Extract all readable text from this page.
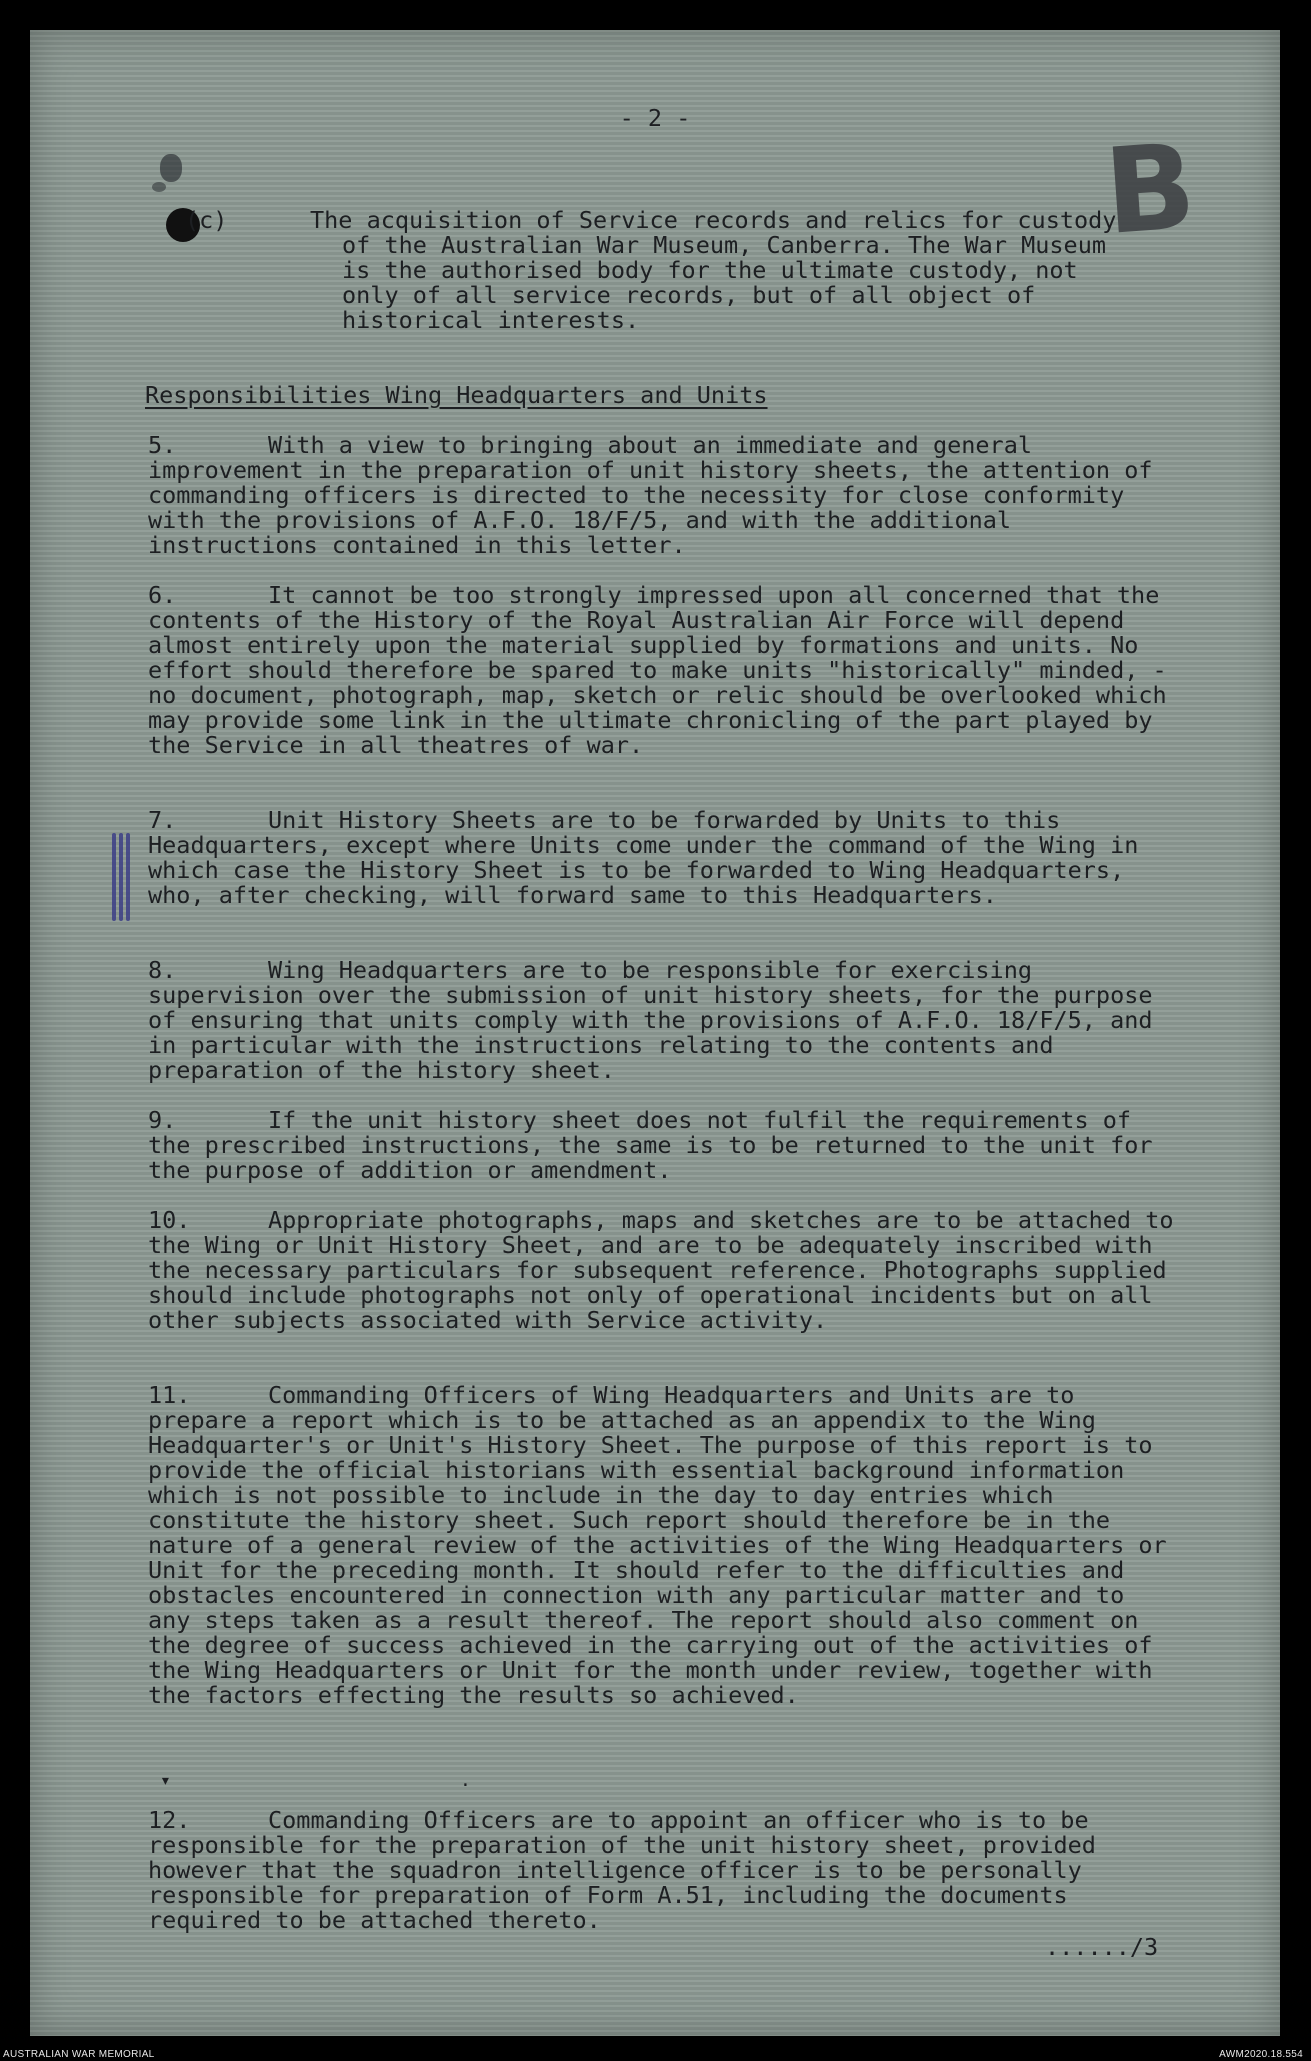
- 2 -	B
(c)	The acquisition of Service records and relics for custody of the Australian War Museum, Canberra. The War Museum is the authorised body for the ultimate custody, not only of all service records, but of all object of historical interests.
Responsibilities Wing Headquarters and Units
5.	With a view to bringing about an immediate and general improvement in the preparation of unit history sheets, the attention of commanding officers is directed to the necessity for close conformity with the provisions of A.F.O. 18/F/5, and with the additional instructions contained in this letter.
6.	It cannot be too strongly impressed upon all concerned that the contents of the History of the Royal Australian Air Force will depend almost entirely upon the material supplied by formations and units. No effort should therefore be spared to make units "historically" minded, - no document, photograph, map, sketch or relic should be overlooked which may provide some link in the ultimate chronicling of the part played by the Service in all theatres of war.
7.	Unit History Sheets are to be forwarded by Units to this Headquarters, except where Units come under the command of the Wing in which case the History Sheet is to be forwarded to Wing Headquarters, who, after checking, will forward same to this Headquarters.
8.	Wing Headquarters are to be responsible for exercising supervision over the submission of unit history sheets, for the purpose of ensuring that units comply with the provisions of A.F.O. 18/F/5, and in particular with the instructions relating to the contents and preparation of the history sheet.
9.	If the unit history sheet does not fulfil the requirements of the prescribed instructions, the same is to be returned to the unit for the purpose of addition or amendment.
10.	Appropriate photographs, maps and sketches are to be attached to the Wing or Unit History Sheet, and are to be adequately inscribed with the necessary particulars for subsequent reference. Photographs supplied should include photographs not only of operational incidents but on all other subjects associated with Service activity.
11.	Commanding Officers of Wing Headquarters and Units are to prepare a report which is to be attached as an appendix to the Wing Headquarter's or Unit's History Sheet. The purpose of this report is to provide the official historians with essential background information which is not possible to include in the day to day entries which constitute the history sheet. Such report should therefore be in the nature of a general review of the activities of the Wing Headquarters or Unit for the preceding month. It should refer to the difficulties and obstacles encountered in connection with any particular matter and to any steps taken as a result thereof. The report should also comment on the degree of success achieved in the carrying out of the activities of the Wing Headquarters or Unit for the month under review, together with the factors effecting the results so achieved.
▾	·
12.	Commanding Officers are to appoint an officer who is to be responsible for the preparation of the unit history sheet, provided however that the squadron intelligence officer is to be personally responsible for preparation of Form A.51, including the documents required to be attached thereto.
....../3
AUSTRALIAN WAR MEMORIAL	AWM2020.18.554
